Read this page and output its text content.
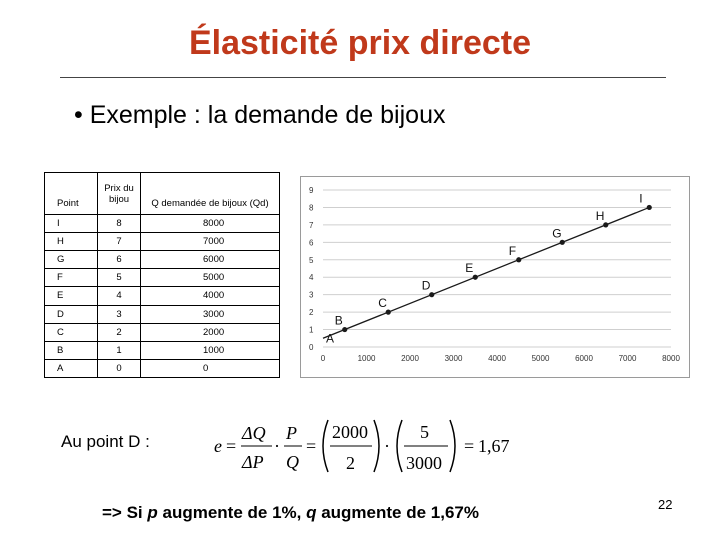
Élasticité prix directe
• Exemple : la demande de bijoux
Point	Prix du bijou	Q demandée de bijoux (Qd)
I	8	8000
H	7	7000
G	6	6000
F	5	5000
E	4	4000
D	3	3000
C	2	2000
B	1	1000
A	0	0
0
1
2
3
4
5
6
7
8
9
0	1000	2000	3000	4000	5000	6000	7000	8000
B
C
D
E
F
G
H
I
A
Au point D :	e =
ΔQ
ΔP
·
P
Q
=
2000
2
·
5
3000
= 1,67
=> Si p augmente de 1%, q augmente de 1,67%	22
